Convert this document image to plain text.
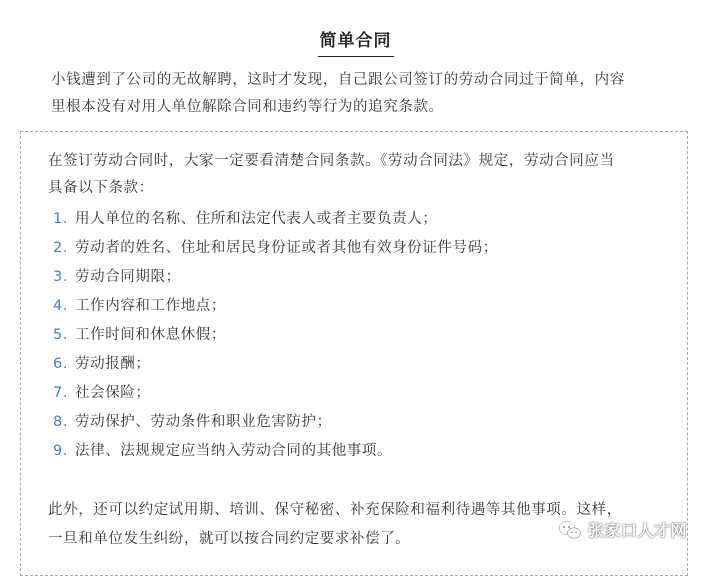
简单合同

小钱遭到了公司的无故解聘，这时才发现，自己跟公司签订的劳动合同过于简单，内容

里根本没有对用人单位解除合同和违约等行为的追究条款。

在签订劳动合同时，大家一定要看清楚合同条款。《劳动合同法》规定，劳动合同应当

具备以下条款：

1. 用人单位的名称、住所和法定代表人或者主要负责人；
2. 劳动者的姓名、住址和居民身份证或者其他有效身份证件号码；
3. 劳动合同期限；
4. 工作内容和工作地点；
5. 工作时间和休息休假；
6. 劳动报酬；
7. 社会保险；
8. 劳动保护、劳动条件和职业危害防护；
9. 法律、法规规定应当纳入劳动合同的其他事项。

此外，还可以约定试用期、培训、保守秘密、补充保险和福利待遇等其他事项。这样，

一旦和单位发生纠纷，就可以按合同约定要求补偿了。	张家口人才网
